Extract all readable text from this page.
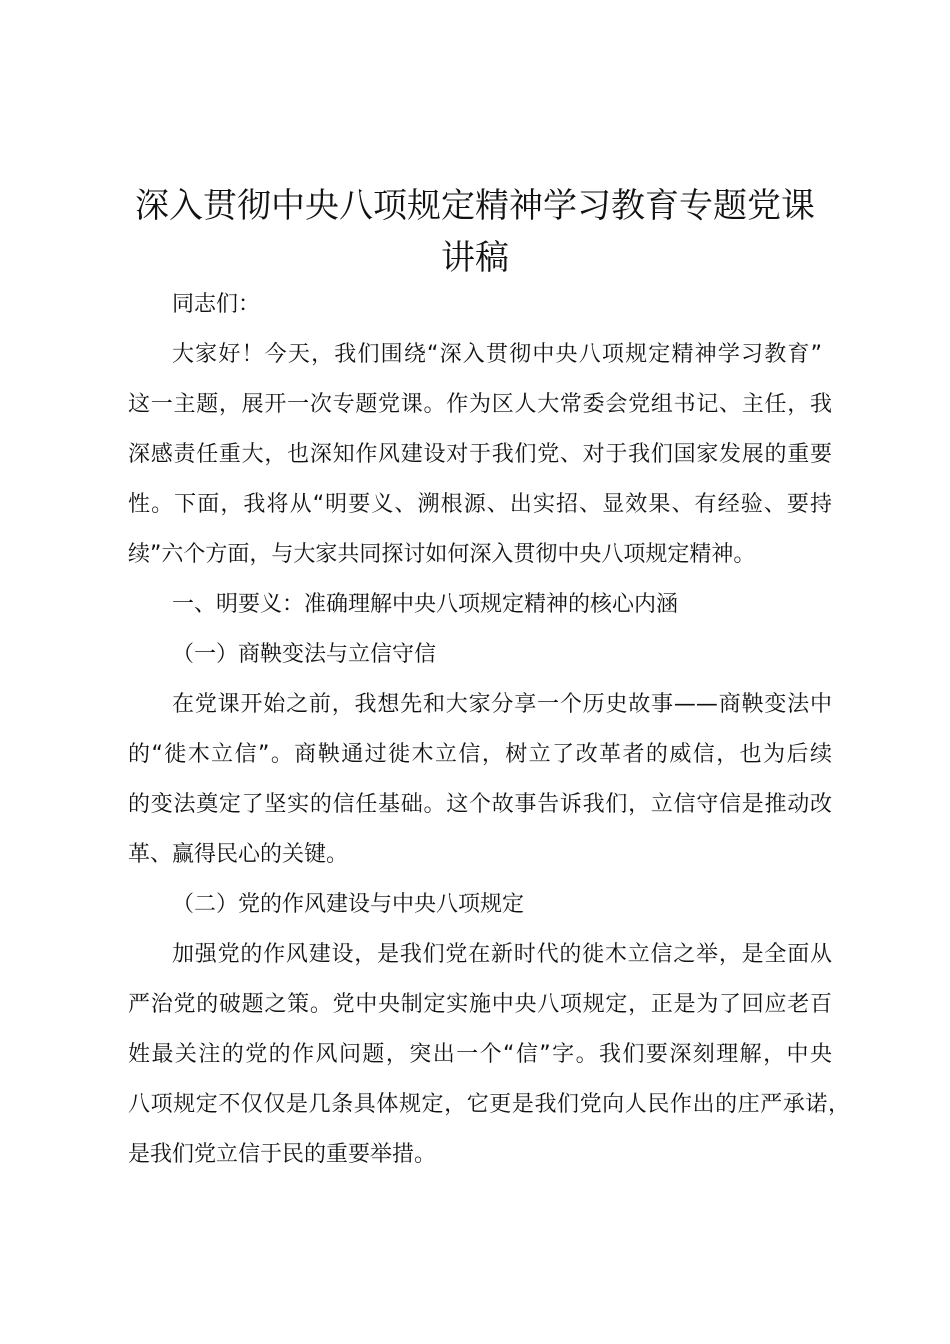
深入贯彻中央八项规定精神学习教育专题党课
讲稿
同志们：
大家好！今天，我们围绕“深入贯彻中央八项规定精神学习教育”
这一主题，展开一次专题党课。作为区人大常委会党组书记、主任，我
深感责任重大，也深知作风建设对于我们党、对于我们国家发展的重要
性。下面，我将从“明要义、溯根源、出实招、显效果、有经验、要持
续”六个方面，与大家共同探讨如何深入贯彻中央八项规定精神。
一、明要义：准确理解中央八项规定精神的核心内涵
（一）商鞅变法与立信守信
在党课开始之前，我想先和大家分享一个历史故事——商鞅变法中
的“徙木立信”。商鞅通过徙木立信，树立了改革者的威信，也为后续
的变法奠定了坚实的信任基础。这个故事告诉我们，立信守信是推动改
革、赢得民心的关键。
（二）党的作风建设与中央八项规定
加强党的作风建设，是我们党在新时代的徙木立信之举，是全面从
严治党的破题之策。党中央制定实施中央八项规定，正是为了回应老百
姓最关注的党的作风问题，突出一个“信”字。我们要深刻理解，中央
八项规定不仅仅是几条具体规定，它更是我们党向人民作出的庄严承诺，
是我们党立信于民的重要举措。
